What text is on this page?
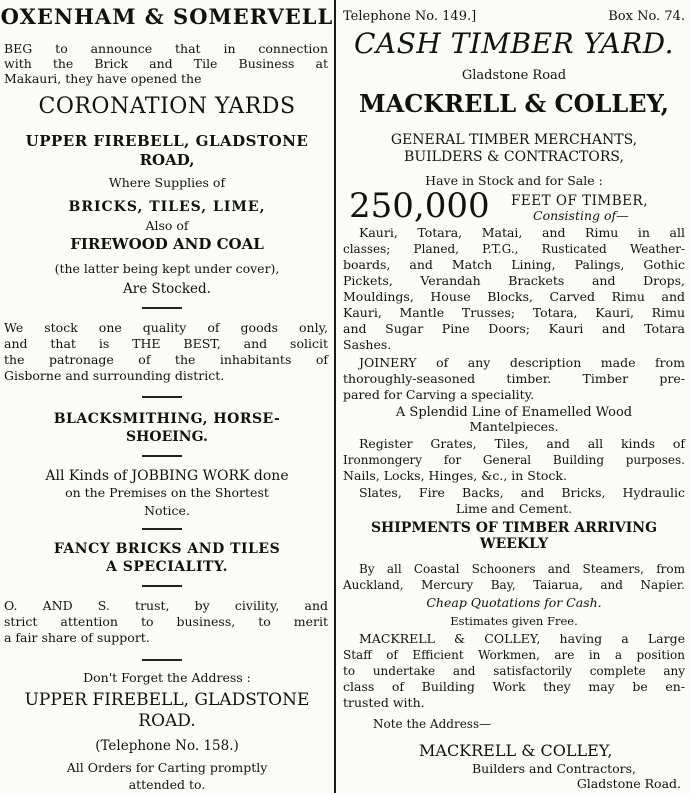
OXENHAM & SOMERVELL
BEG to announce that in connection
with the Brick and Tile Business at
Makauri, they have opened the
CORONATION YARDS
UPPER FIREBELL, GLADSTONE
ROAD,
Where Supplies of
BRICKS, TILES, LIME,
Also of
FIREWOOD AND COAL
(the latter being kept under cover),
Are Stocked.
We stock one quality of goods only,
and that is THE BEST, and solicit
the patronage of the inhabitants of
Gisborne and surrounding district.
BLACKSMITHING, HORSE-
SHOEING.
All Kinds of JOBBING WORK done
on the Premises on the Shortest
Notice.
FANCY BRICKS AND TILES
A SPECIALITY.
O. AND S. trust, by civility, and
strict attention to business, to merit
a fair share of support.
Don't Forget the Address :
UPPER FIREBELL, GLADSTONE
ROAD.
(Telephone No. 158.)
All Orders for Carting promptly
attended to.
Telephone No. 149.]	Box No. 74.
CASH TIMBER YARD.
Gladstone Road
MACKRELL & COLLEY,
GENERAL TIMBER MERCHANTS,
BUILDERS & CONTRACTORS,
Have in Stock and for Sale :
250,000	FEET OF TIMBER,
Consisting of—
Kauri, Totara, Matai, and Rimu in all
classes; Planed, P.T.G., Rusticated Weather-
boards, and Match Lining, Palings, Gothic
Pickets, Verandah Brackets and Drops,
Mouldings, House Blocks, Carved Rimu and
Kauri, Mantle Trusses; Totara, Kauri, Rimu
and Sugar Pine Doors; Kauri and Totara
Sashes.
JOINERY of any description made from
thoroughly-seasoned timber. Timber pre-
pared for Carving a speciality.
A Splendid Line of Enamelled Wood
Mantelpieces.
Register Grates, Tiles, and all kinds of
Ironmongery for General Building purposes.
Nails, Locks, Hinges, &c., in Stock.
Slates, Fire Backs, and Bricks, Hydraulic
Lime and Cement.
SHIPMENTS OF TIMBER ARRIVING
WEEKLY
By all Coastal Schooners and Steamers, from
Auckland, Mercury Bay, Taiarua, and Napier.
Cheap Quotations for Cash.
Estimates given Free.
MACKRELL & COLLEY, having a Large
Staff of Efficient Workmen, are in a position
to undertake and satisfactorily complete any
class of Building Work they may be en-
trusted with.
Note the Address—
MACKRELL & COLLEY,
Builders and Contractors,
Gladstone Road.
